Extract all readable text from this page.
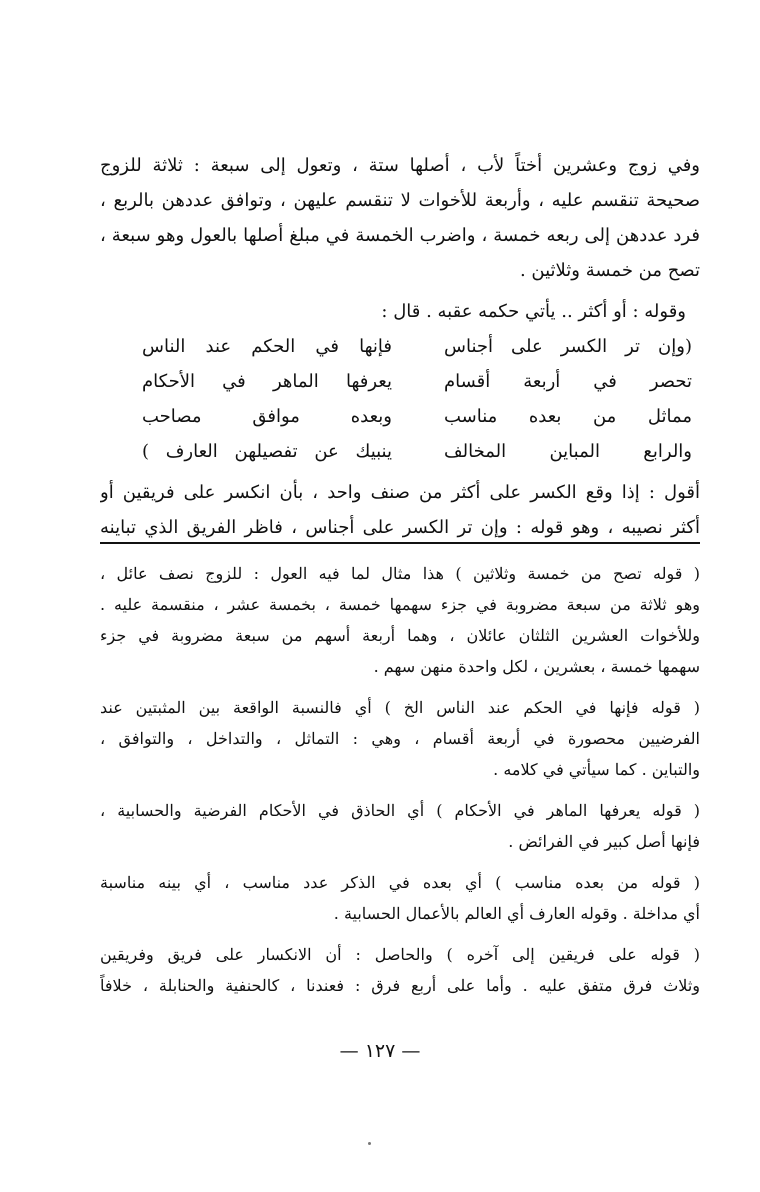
وفي زوج وعشرين أختاً لأب ، أصلها ستة ، وتعول إلى سبعة : ثلاثة للزوج
صحيحة تنقسم عليه ، وأربعة للأخوات لا تنقسم عليهن ، وتوافق عددهن بالربع ،
فرد عددهن إلى ربعه خمسة ، واضرب الخمسة في مبلغ أصلها بالعول وهو سبعة ،
تصح من خمسة وثلاثين .
وقوله : أو أكثر .. يأتي حكمه عقبه . قال :
(وإن تر الكسر على أجناس
فإنها في الحكم عند الناس
تحصر في أربعة أقسام
يعرفها الماهر في الأحكام
مماثل من بعده مناسب
وبعده موافق مصاحب
والرابع المباين المخالف
ينبيك عن تفصيلهن العارف )
أقول : إذا وقع الكسر على أكثر من صنف واحد ، بأن انكسر على فريقين أو
أكثر نصيبه ، وهو قوله : وإن تر الكسر على أجناس ، فاظر الفريق الذي تباينه
( قوله تصح من خمسة وثلاثين ) هذا مثال لما فيه العول : للزوج نصف عائل ،
وهو ثلاثة من سبعة مضروبة في جزء سهمها خمسة ، بخمسة عشر ، منقسمة عليه .
وللأخوات العشرين الثلثان عائلان ، وهما أربعة أسهم من سبعة مضروبة في جزء
سهمها خمسة ، بعشرين ، لكل واحدة منهن سهم .
( قوله فإنها في الحكم عند الناس الخ ) أي فالنسبة الواقعة بين المثبتين عند
الفرضيين محصورة في أربعة أقسام ، وهي : التماثل ، والتداخل ، والتوافق ،
والتباين . كما سيأتي في كلامه .
( قوله يعرفها الماهر في الأحكام ) أي الحاذق في الأحكام الفرضية والحسابية ،
فإنها أصل كبير في الفرائض .
( قوله من بعده مناسب ) أي بعده في الذكر عدد مناسب ، أي بينه مناسبة
أي مداخلة . وقوله العارف أي العالم بالأعمال الحسابية .
( قوله على فريقين إلى آخره ) والحاصل : أن الانكسار على فريق وفريقين
وثلاث فرق متفق عليه . وأما على أربع فرق : فعندنا ، كالحنفية والحنابلة ، خلافاً
— ١٢٧ —
